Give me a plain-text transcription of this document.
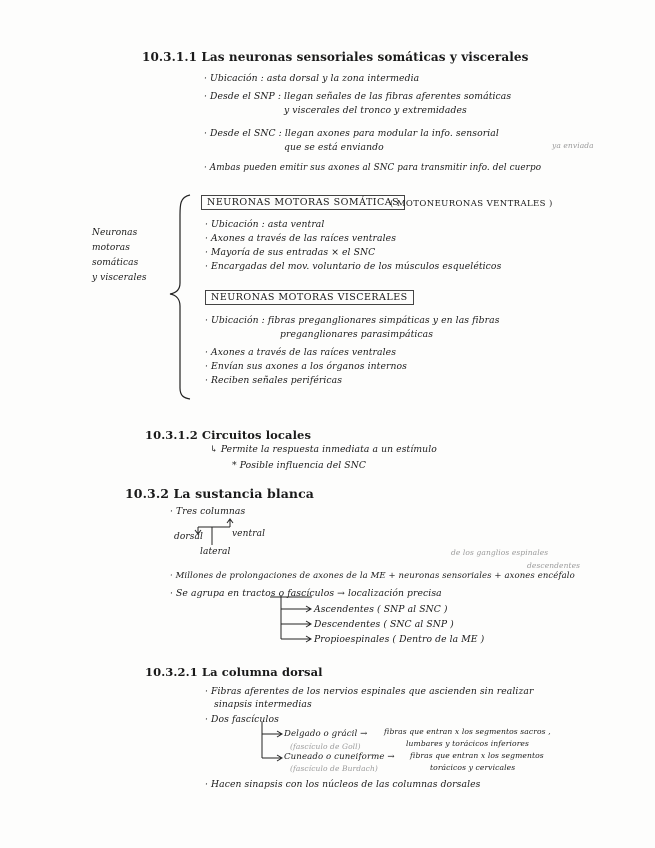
10.3.1.1 Las neuronas sensoriales somáticas y viscerales
· Ubicación : asta dorsal y la zona intermedia
· Desde el SNP : llegan señales de las fibras aferentes somáticas
y viscerales del tronco y extremidades
· Desde el SNC : llegan axones para modular la info. sensorial
que se está enviando	ya enviada
· Ambas pueden emitir sus axones al SNC para transmitir info. del cuerpo
Neuronas
motoras
somáticas
y viscerales
NEURONAS MOTORAS SOMÁTICAS
( MOTONEURONAS VENTRALES )
· Ubicación : asta ventral
· Axones a través de las raíces ventrales
· Mayoría de sus entradas × el SNC
· Encargadas del mov. voluntario de los músculos esqueléticos
NEURONAS MOTORAS VISCERALES
· Ubicación : fibras preganglionares simpáticas y en las fibras
preganglionares parasimpáticas
· Axones a través de las raíces ventrales
· Envían sus axones a los órganos internos
· Reciben señales periféricas
10.3.1.2 Circuitos locales
↳ Permite la respuesta inmediata a un estímulo
* Posible influencia del SNC
10.3.2 La sustancia blanca
· Tres columnas
dorsal	ventral
lateral	de los ganglios espinales
descendentes
· Millones de prolongaciones de axones de la ME + neuronas sensoriales + axones encéfalo
· Se agrupa en tractos o fascículos → localización precisa
Ascendentes ( SNP al SNC )
Descendentes ( SNC al SNP )
Propioespinales ( Dentro de la ME )
10.3.2.1 La columna dorsal
· Fibras aferentes de los nervios espinales que ascienden sin realizar
sinapsis intermedias
· Dos fascículos
Delgado o grácil → fibras que entran x los segmentos sacros ,
lumbares y torácicos inferiores
(fascículo de Goll)
Cuneado o cuneiforme → fibras que entran x los segmentos
torácicos y cervicales
(fascículo de Burdach)
· Hacen sinapsis con los núcleos de las columnas dorsales
